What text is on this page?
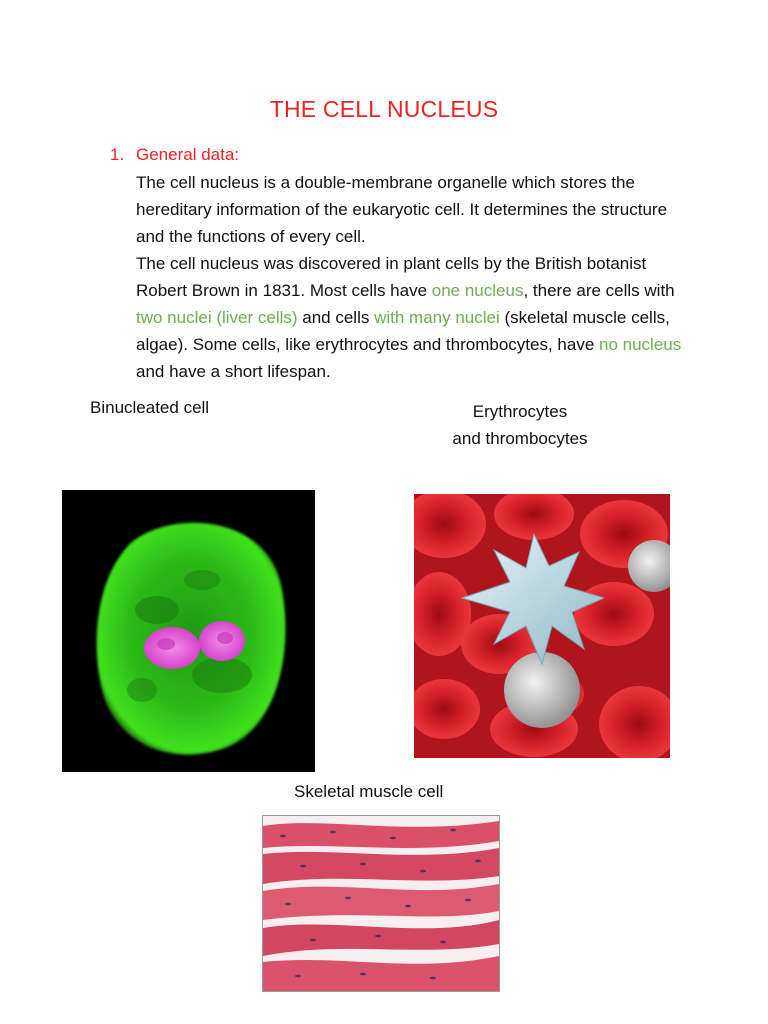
THE CELL NUCLEUS
1. General data:
The cell nucleus is a double-membrane organelle which stores the hereditary information of the eukaryotic cell. It determines the structure and the functions of every cell.
The cell nucleus was discovered in plant cells by the British botanist Robert Brown in 1831. Most cells have one nucleus, there are cells with two nuclei (liver cells) and cells with many nuclei (skeletal muscle cells, algae). Some cells, like erythrocytes and thrombocytes, have no nucleus and have a short lifespan.
Binucleated cell	Erythrocytes
and thrombocytes
Skeletal muscle cell
